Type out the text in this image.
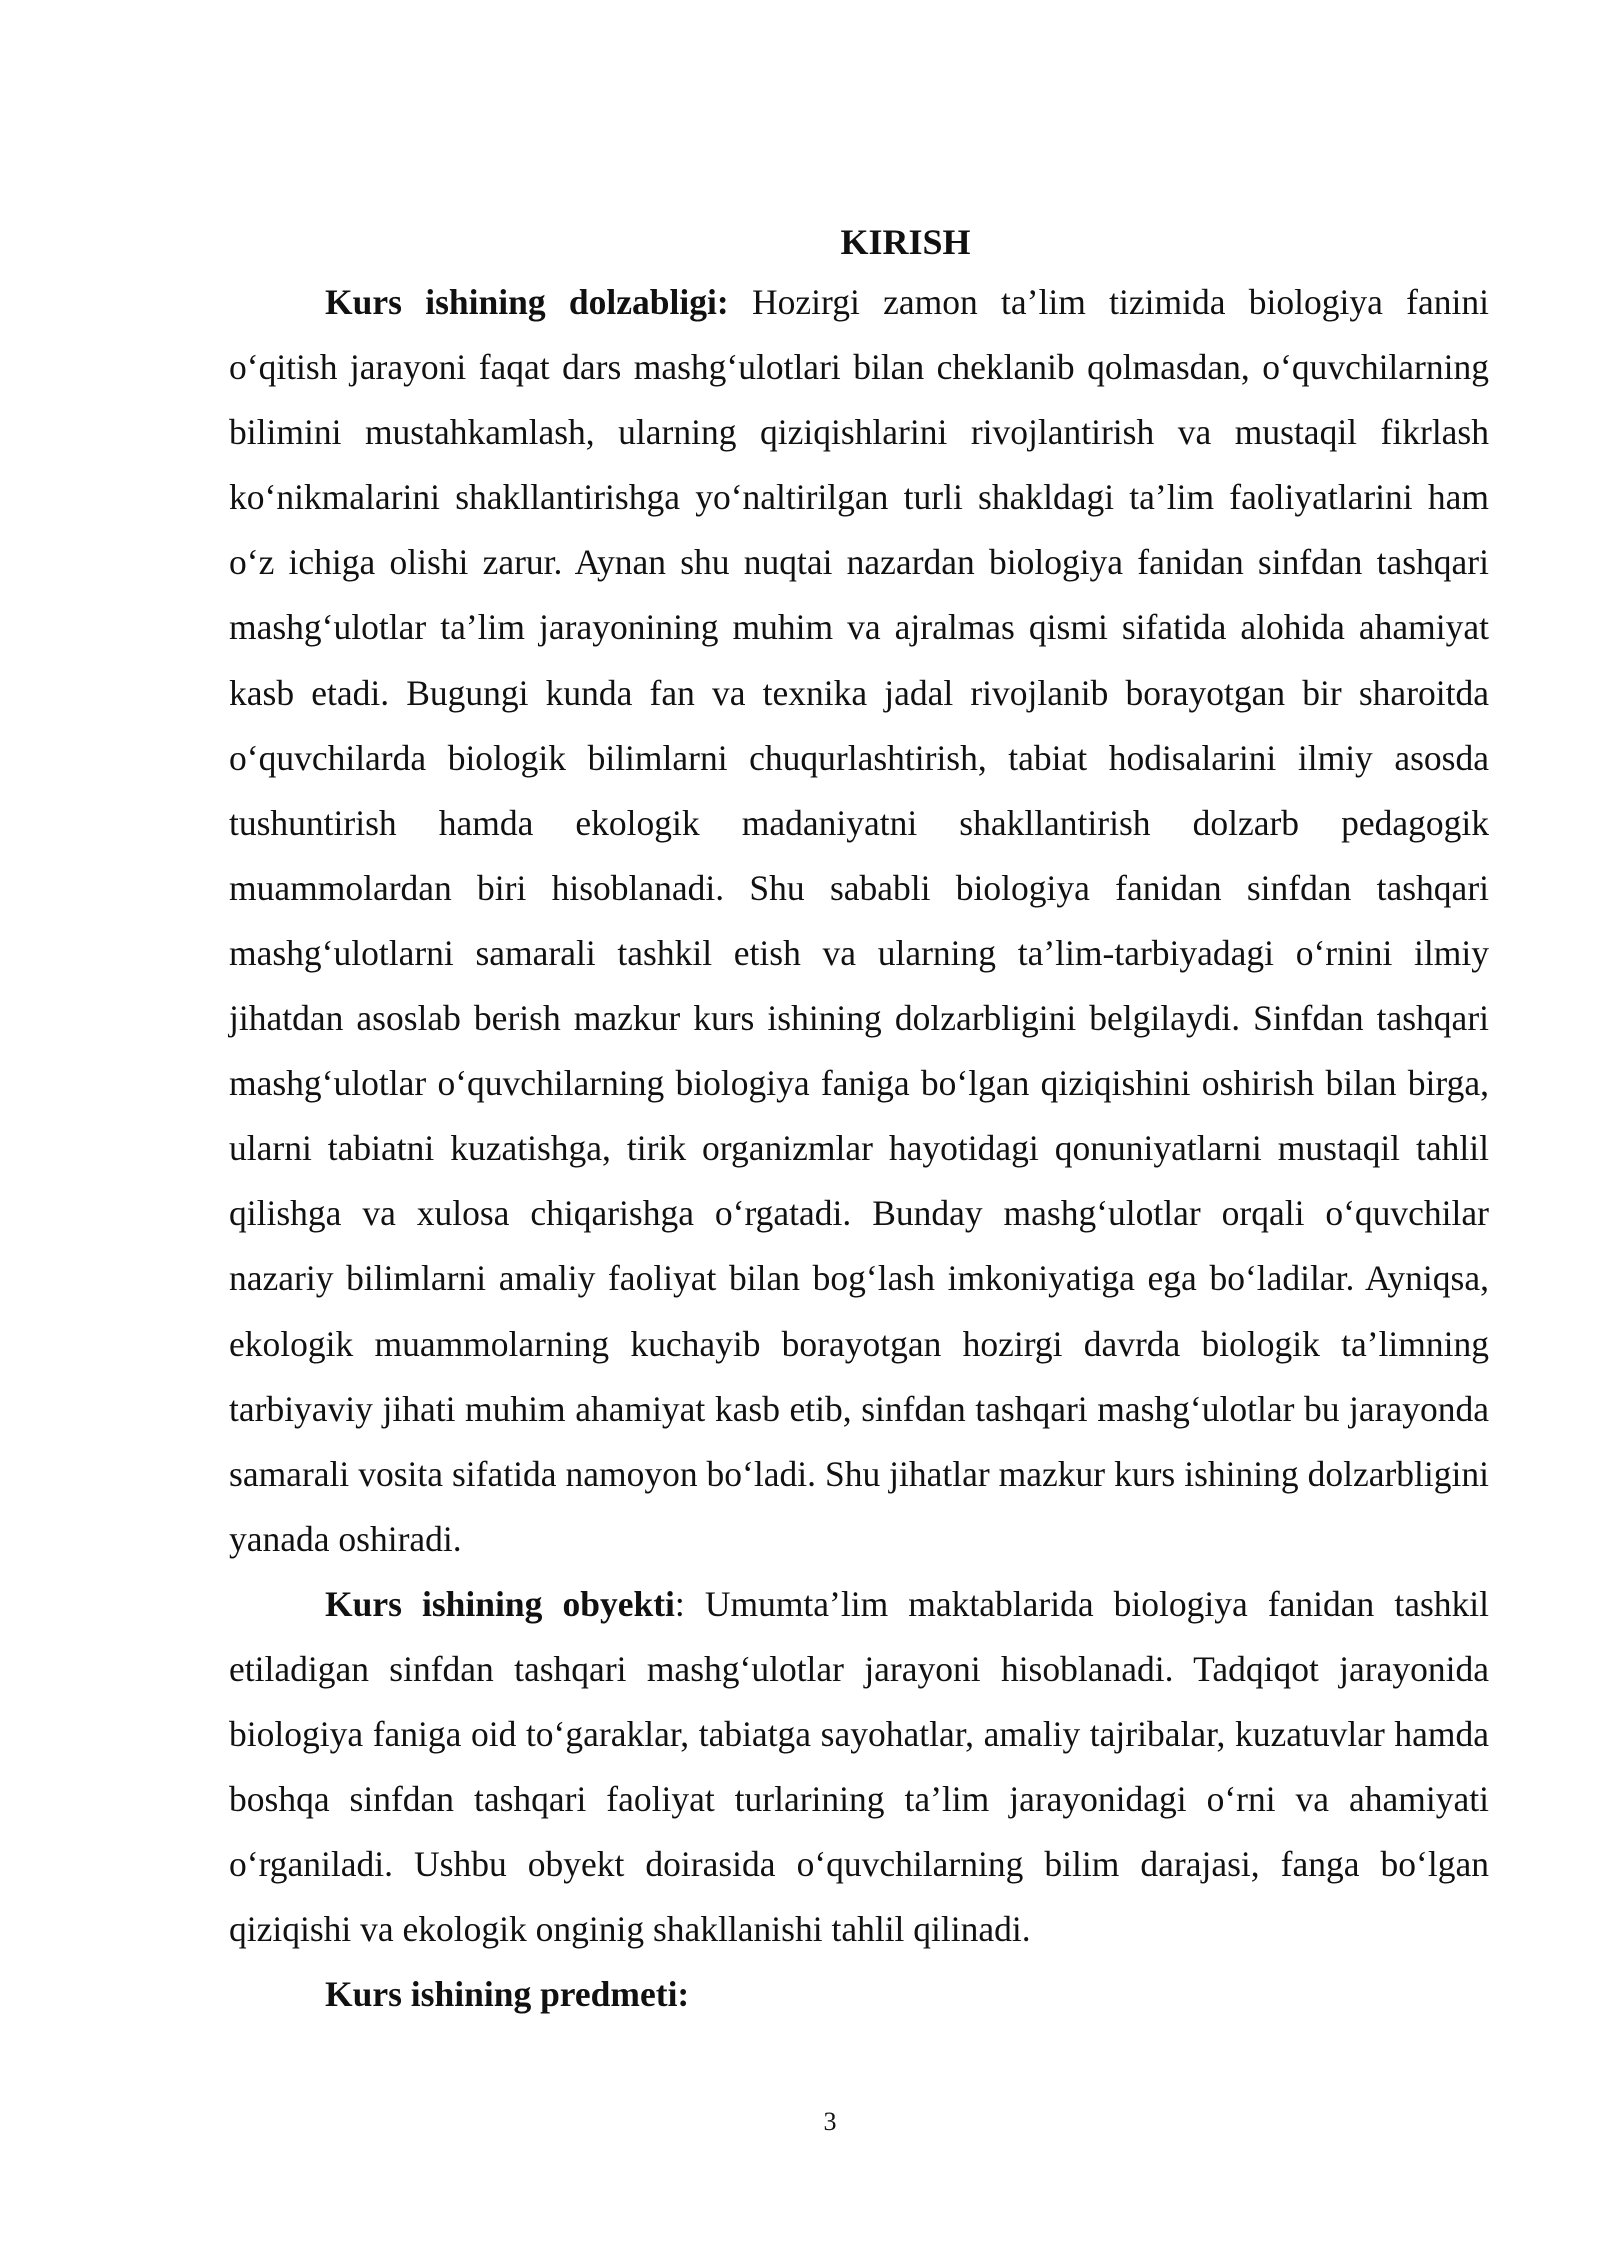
KIRISH

Kurs ishining dolzabligi: Hozirgi zamon ta’lim tizimida biologiya fanini o‘qitish jarayoni faqat dars mashg‘ulotlari bilan cheklanib qolmasdan, o‘quvchilarning bilimini mustahkamlash, ularning qiziqishlarini rivojlantirish va mustaqil fikrlash ko‘nikmalarini shakllantirishga yo‘naltirilgan turli shakldagi ta’lim faoliyatlarini ham o‘z ichiga olishi zarur. Aynan shu nuqtai nazardan biologiya fanidan sinfdan tashqari mashg‘ulotlar ta’lim jarayonining muhim va ajralmas qismi sifatida alohida ahamiyat kasb etadi. Bugungi kunda fan va texnika jadal rivojlanib borayotgan bir sharoitda o‘quvchilarda biologik bilimlarni chuqurlashtirish, tabiat hodisalarini ilmiy asosda tushuntirish hamda ekologik madaniyatni shakllantirish dolzarb pedagogik muammolardan biri hisoblanadi. Shu sababli biologiya fanidan sinfdan tashqari mashg‘ulotlarni samarali tashkil etish va ularning ta’lim-tarbiyadagi o‘rnini ilmiy jihatdan asoslab berish mazkur kurs ishining dolzarbligini belgilaydi. Sinfdan tashqari mashg‘ulotlar o‘quvchilarning biologiya faniga bo‘lgan qiziqishini oshirish bilan birga, ularni tabiatni kuzatishga, tirik organizmlar hayotidagi qonuniyatlarni mustaqil tahlil qilishga va xulosa chiqarishga o‘rgatadi. Bunday mashg‘ulotlar orqali o‘quvchilar nazariy bilimlarni amaliy faoliyat bilan bog‘lash imkoniyatiga ega bo‘ladilar. Ayniqsa, ekologik muammolarning kuchayib borayotgan hozirgi davrda biologik ta’limning tarbiyaviy jihati muhim ahamiyat kasb etib, sinfdan tashqari mashg‘ulotlar bu jarayonda samarali vosita sifatida namoyon bo‘ladi. Shu jihatlar mazkur kurs ishining dolzarbligini yanada oshiradi.

Kurs ishining obyekti: Umumta’lim maktablarida biologiya fanidan tashkil etiladigan sinfdan tashqari mashg‘ulotlar jarayoni hisoblanadi. Tadqiqot jarayonida biologiya faniga oid to‘garaklar, tabiatga sayohatlar, amaliy tajribalar, kuzatuvlar hamda boshqa sinfdan tashqari faoliyat turlarining ta’lim jarayonidagi o‘rni va ahamiyati o‘rganiladi. Ushbu obyekt doirasida o‘quvchilarning bilim darajasi, fanga bo‘lgan qiziqishi va ekologik onginig shakllanishi tahlil qilinadi.

Kurs ishining predmeti:

3
